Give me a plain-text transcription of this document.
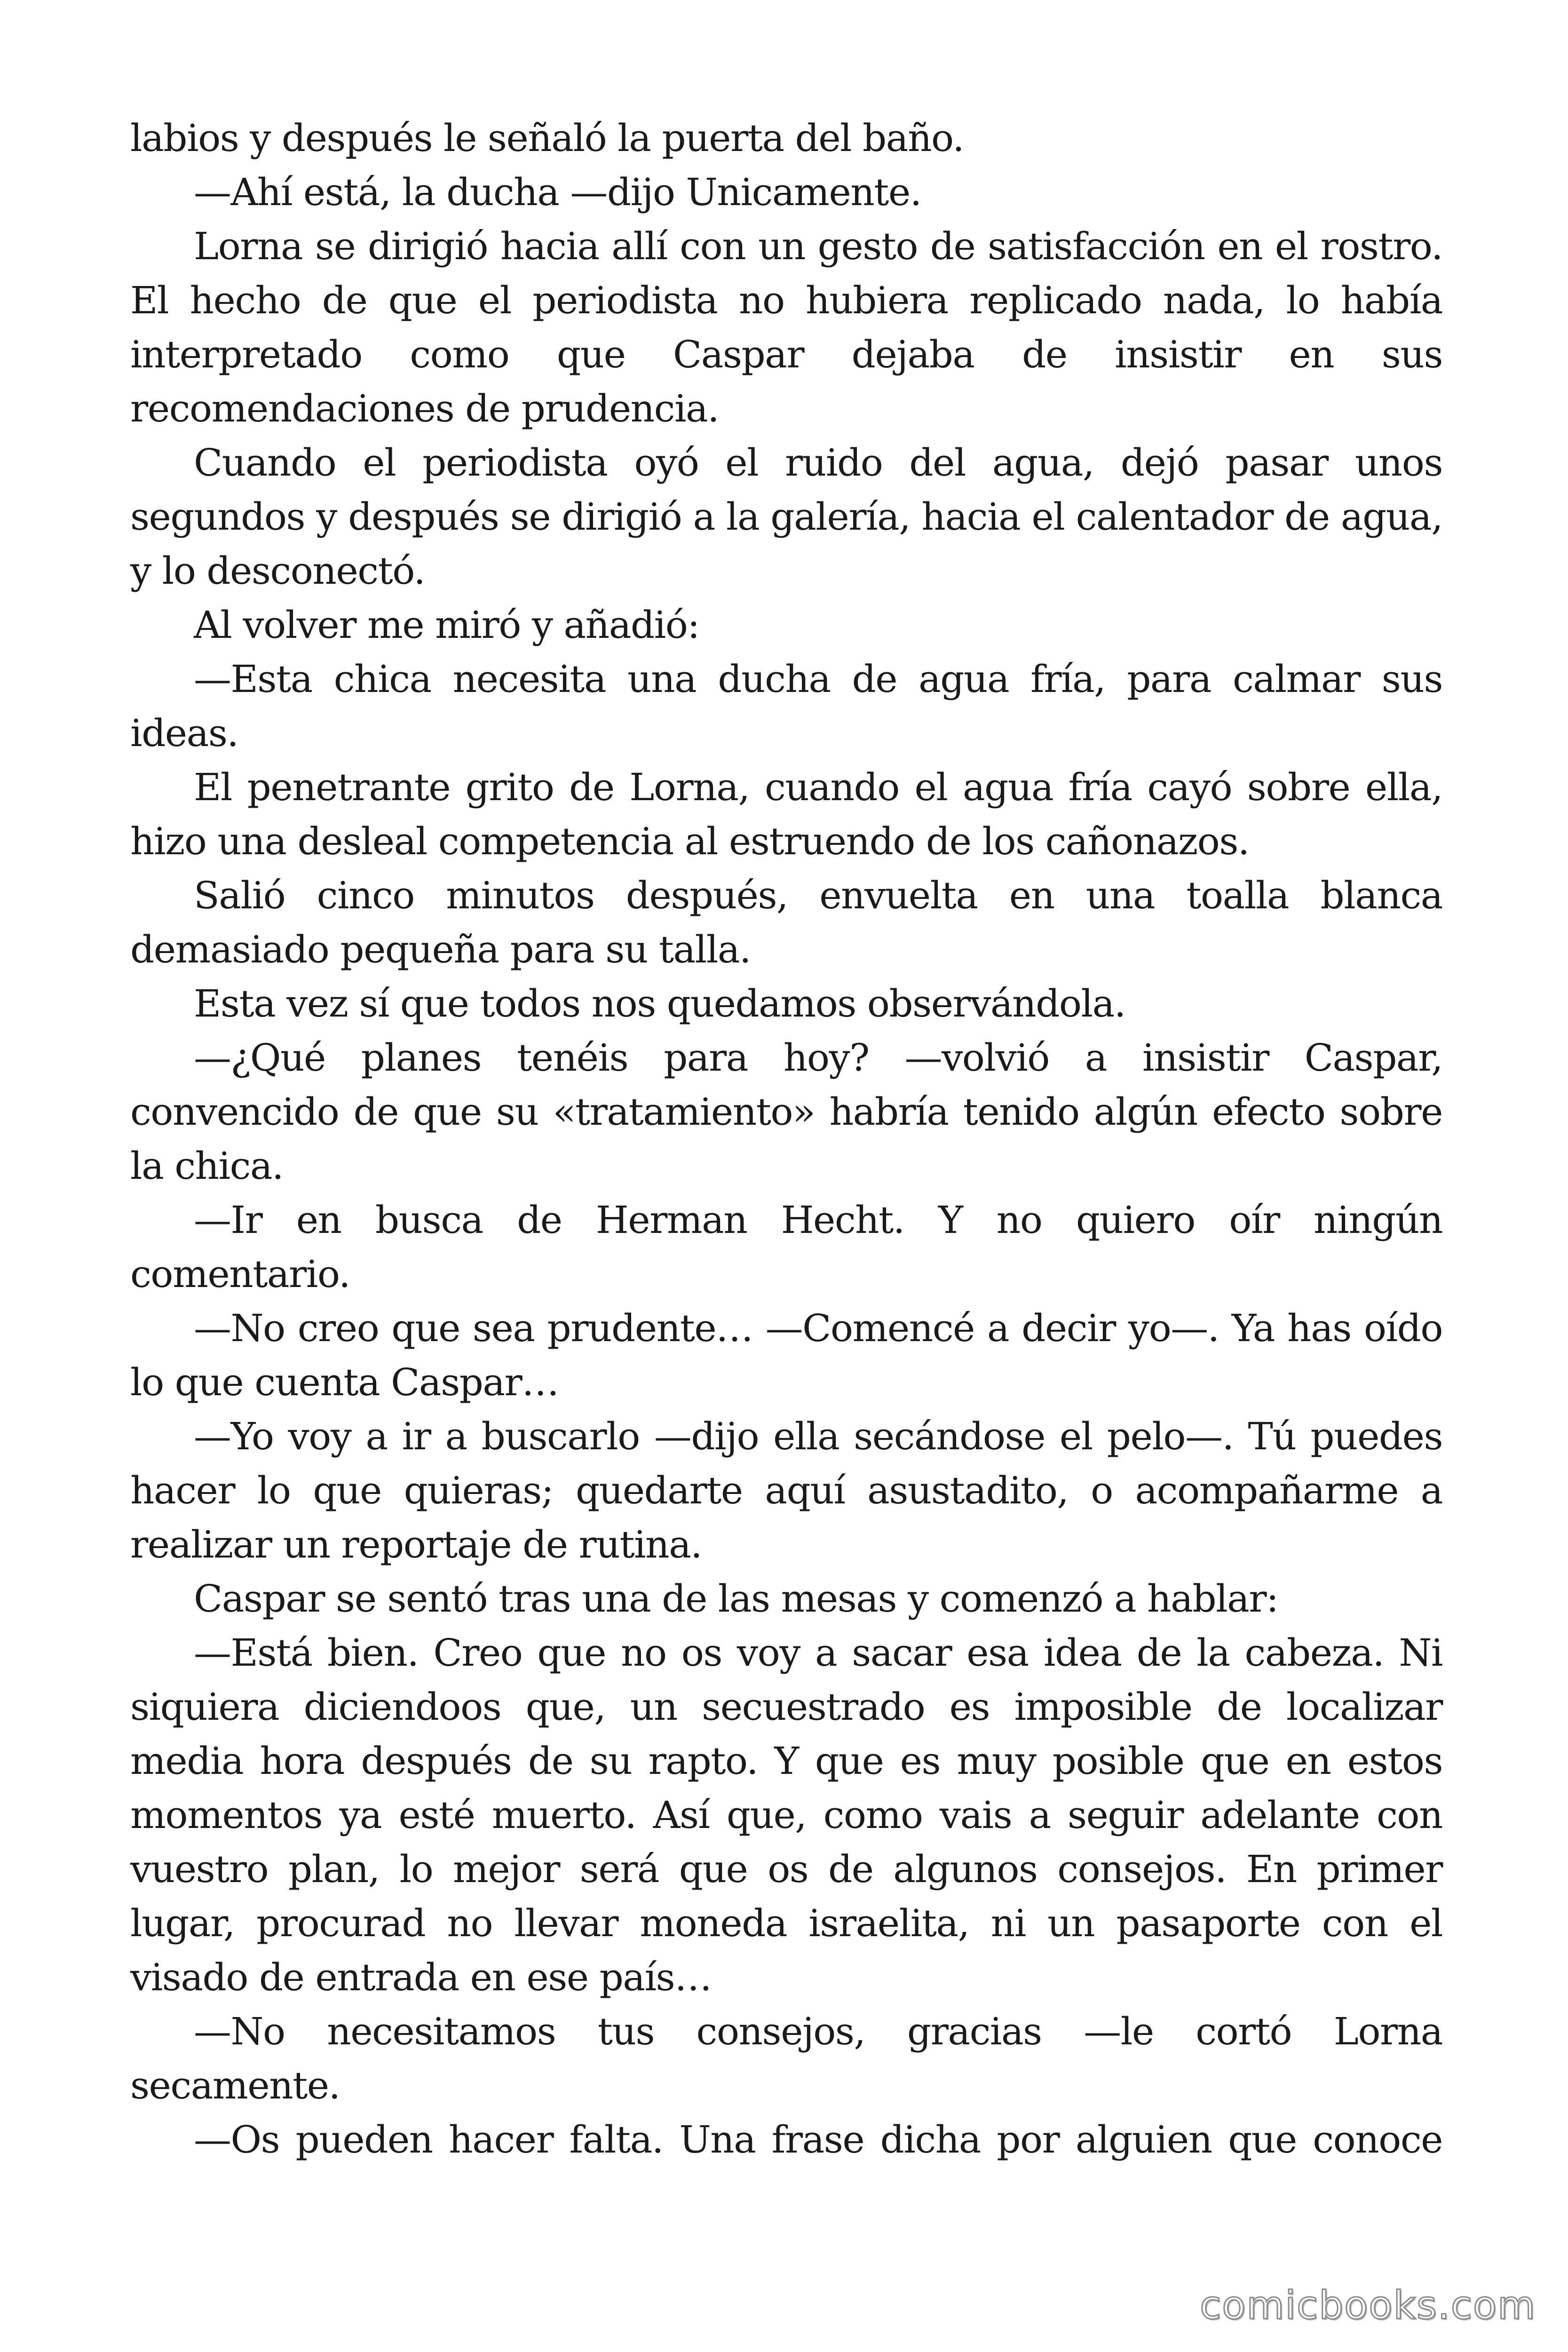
labios y después le señaló la puerta del baño.

—Ahí está, la ducha —dijo Unicamente.

Lorna se dirigió hacia allí con un gesto de satisfacción en el rostro. El hecho de que el periodista no hubiera replicado nada, lo había interpretado como que Caspar dejaba de insistir en sus recomendaciones de prudencia.

Cuando el periodista oyó el ruido del agua, dejó pasar unos segundos y después se dirigió a la galería, hacia el calentador de agua, y lo desconectó.

Al volver me miró y añadió:

—Esta chica necesita una ducha de agua fría, para calmar sus ideas.

El penetrante grito de Lorna, cuando el agua fría cayó sobre ella, hizo una desleal competencia al estruendo de los cañonazos.

Salió cinco minutos después, envuelta en una toalla blanca demasiado pequeña para su talla.

Esta vez sí que todos nos quedamos observándola.

—¿Qué planes tenéis para hoy? —volvió a insistir Caspar, convencido de que su «tratamiento» habría tenido algún efecto sobre la chica.

—Ir en busca de Herman Hecht. Y no quiero oír ningún comentario.

—No creo que sea prudente… —Comencé a decir yo—. Ya has oído lo que cuenta Caspar…

—Yo voy a ir a buscarlo —dijo ella secándose el pelo—. Tú puedes hacer lo que quieras; quedarte aquí asustadito, o acompañarme a realizar un reportaje de rutina.

Caspar se sentó tras una de las mesas y comenzó a hablar:

—Está bien. Creo que no os voy a sacar esa idea de la cabeza. Ni siquiera diciendoos que, un secuestrado es imposible de localizar media hora después de su rapto. Y que es muy posible que en estos momentos ya esté muerto. Así que, como vais a seguir adelante con vuestro plan, lo mejor será que os de algunos consejos. En primer lugar, procurad no llevar moneda israelita, ni un pasaporte con el visado de entrada en ese país…

—No necesitamos tus consejos, gracias —le cortó Lorna secamente.

—Os pueden hacer falta. Una frase dicha por alguien que conoce

comicbooks.com
